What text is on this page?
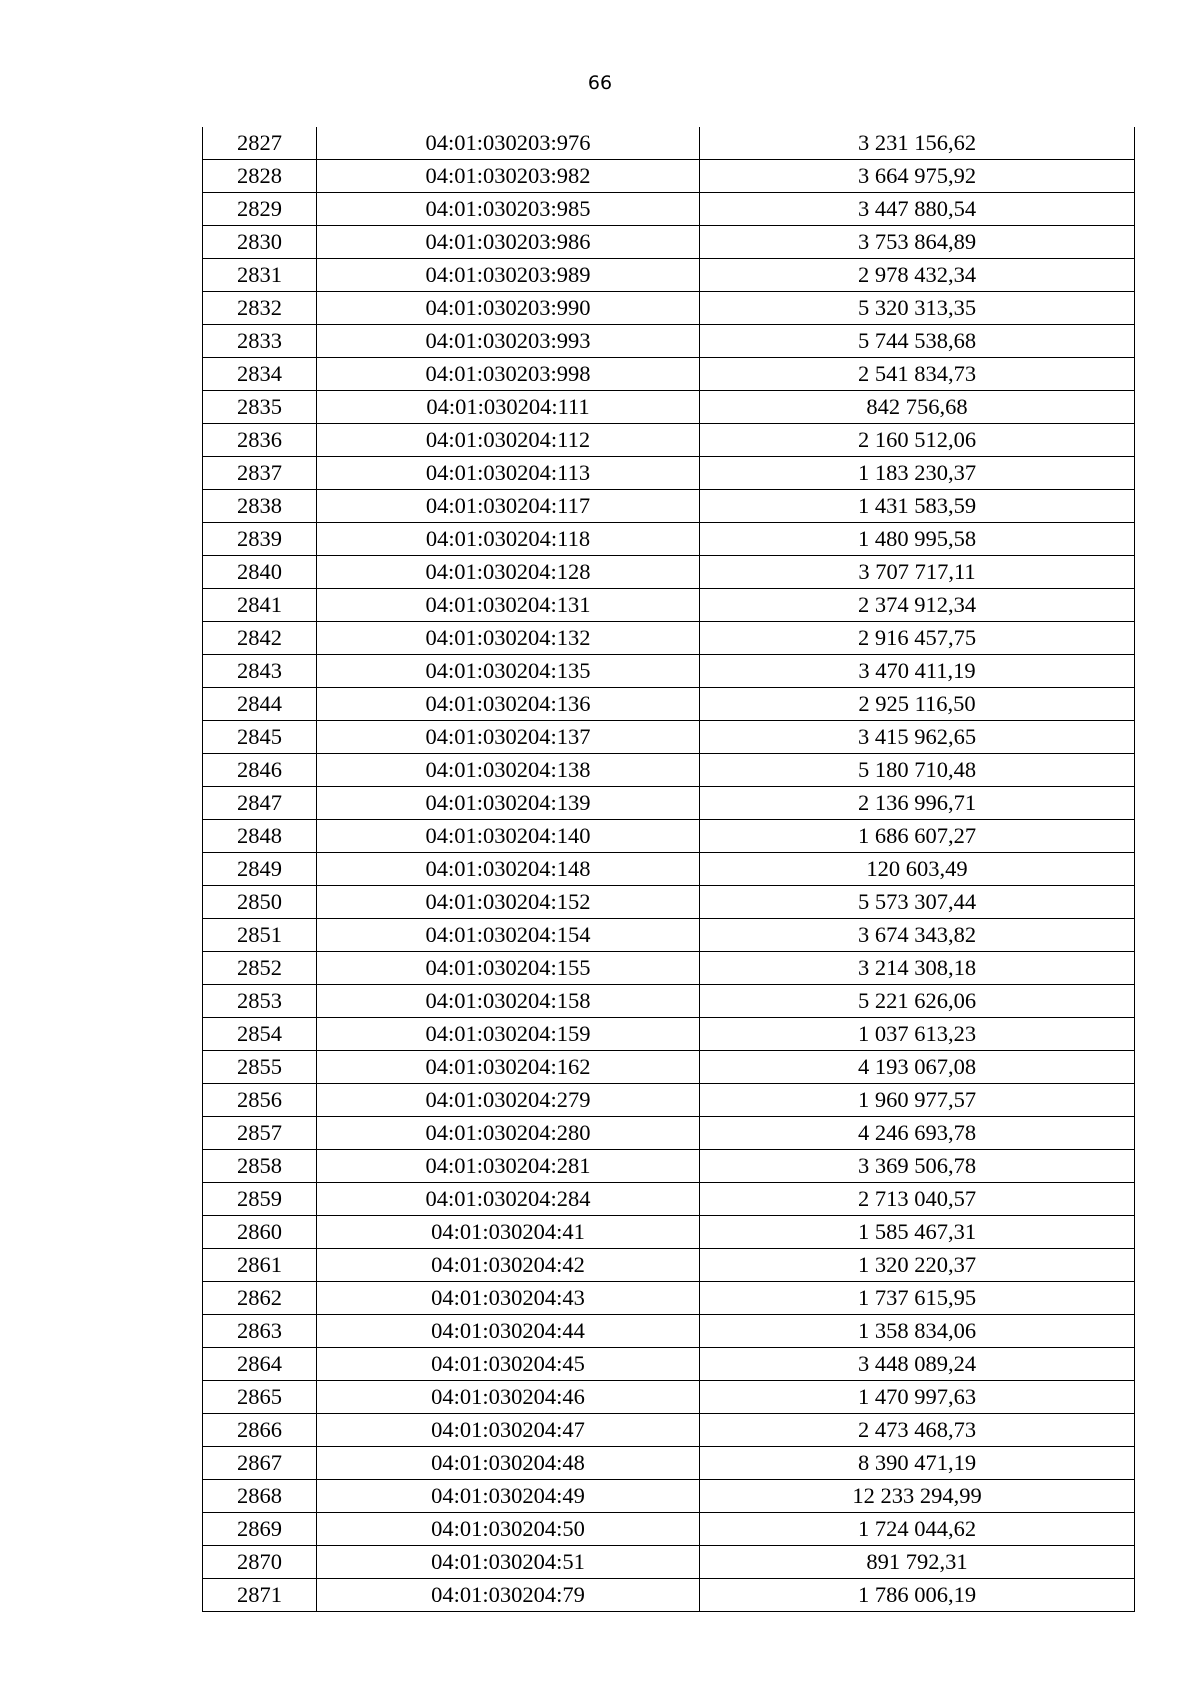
66
2827	04:01:030203:976	3 231 156,62
2828	04:01:030203:982	3 664 975,92
2829	04:01:030203:985	3 447 880,54
2830	04:01:030203:986	3 753 864,89
2831	04:01:030203:989	2 978 432,34
2832	04:01:030203:990	5 320 313,35
2833	04:01:030203:993	5 744 538,68
2834	04:01:030203:998	2 541 834,73
2835	04:01:030204:111	842 756,68
2836	04:01:030204:112	2 160 512,06
2837	04:01:030204:113	1 183 230,37
2838	04:01:030204:117	1 431 583,59
2839	04:01:030204:118	1 480 995,58
2840	04:01:030204:128	3 707 717,11
2841	04:01:030204:131	2 374 912,34
2842	04:01:030204:132	2 916 457,75
2843	04:01:030204:135	3 470 411,19
2844	04:01:030204:136	2 925 116,50
2845	04:01:030204:137	3 415 962,65
2846	04:01:030204:138	5 180 710,48
2847	04:01:030204:139	2 136 996,71
2848	04:01:030204:140	1 686 607,27
2849	04:01:030204:148	120 603,49
2850	04:01:030204:152	5 573 307,44
2851	04:01:030204:154	3 674 343,82
2852	04:01:030204:155	3 214 308,18
2853	04:01:030204:158	5 221 626,06
2854	04:01:030204:159	1 037 613,23
2855	04:01:030204:162	4 193 067,08
2856	04:01:030204:279	1 960 977,57
2857	04:01:030204:280	4 246 693,78
2858	04:01:030204:281	3 369 506,78
2859	04:01:030204:284	2 713 040,57
2860	04:01:030204:41	1 585 467,31
2861	04:01:030204:42	1 320 220,37
2862	04:01:030204:43	1 737 615,95
2863	04:01:030204:44	1 358 834,06
2864	04:01:030204:45	3 448 089,24
2865	04:01:030204:46	1 470 997,63
2866	04:01:030204:47	2 473 468,73
2867	04:01:030204:48	8 390 471,19
2868	04:01:030204:49	12 233 294,99
2869	04:01:030204:50	1 724 044,62
2870	04:01:030204:51	891 792,31
2871	04:01:030204:79	1 786 006,19
